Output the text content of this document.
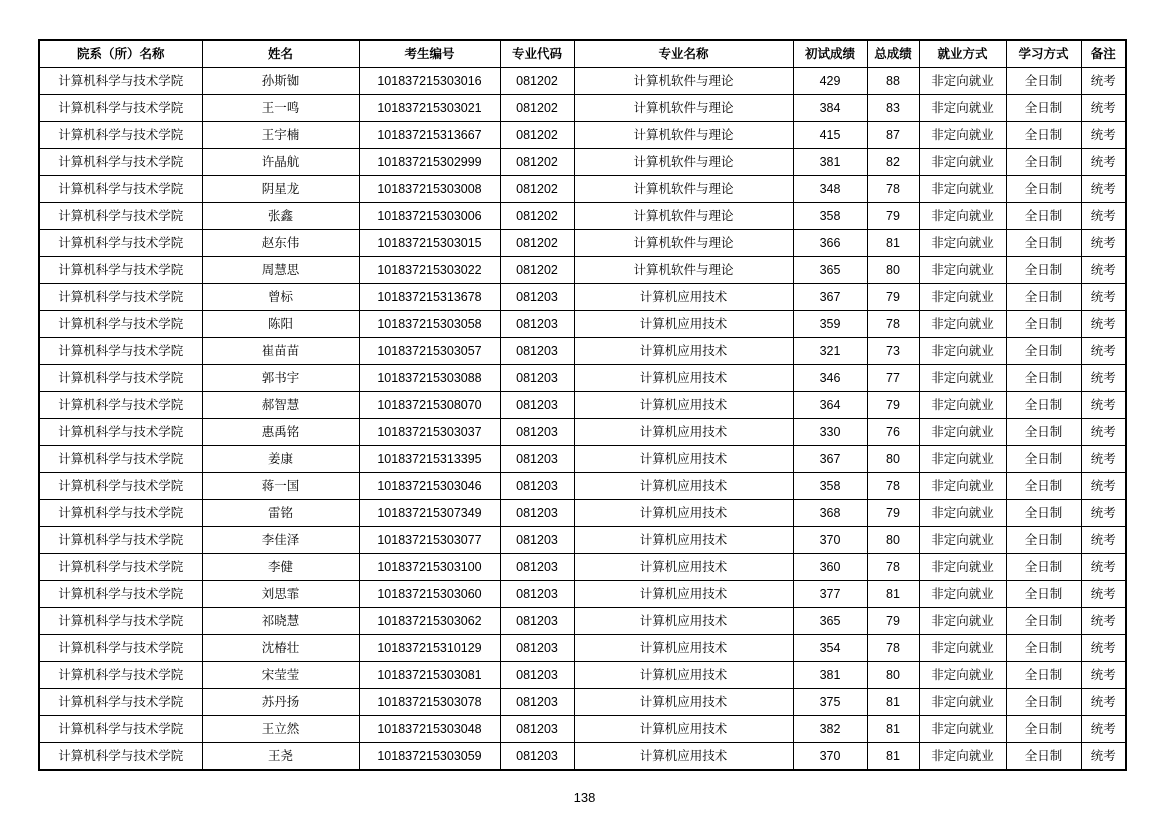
院系（所）名称	姓名	考生编号	专业代码	专业名称	初试成绩	总成绩	就业方式	学习方式	备注
计算机科学与技术学院	孙斯铷	101837215303016	081202	计算机软件与理论	429	88	非定向就业	全日制	统考
计算机科学与技术学院	王一鸣	101837215303021	081202	计算机软件与理论	384	83	非定向就业	全日制	统考
计算机科学与技术学院	王宇楠	101837215313667	081202	计算机软件与理论	415	87	非定向就业	全日制	统考
计算机科学与技术学院	许晶航	101837215302999	081202	计算机软件与理论	381	82	非定向就业	全日制	统考
计算机科学与技术学院	阴星龙	101837215303008	081202	计算机软件与理论	348	78	非定向就业	全日制	统考
计算机科学与技术学院	张鑫	101837215303006	081202	计算机软件与理论	358	79	非定向就业	全日制	统考
计算机科学与技术学院	赵东伟	101837215303015	081202	计算机软件与理论	366	81	非定向就业	全日制	统考
计算机科学与技术学院	周慧思	101837215303022	081202	计算机软件与理论	365	80	非定向就业	全日制	统考
计算机科学与技术学院	曾标	101837215313678	081203	计算机应用技术	367	79	非定向就业	全日制	统考
计算机科学与技术学院	陈阳	101837215303058	081203	计算机应用技术	359	78	非定向就业	全日制	统考
计算机科学与技术学院	崔苗苗	101837215303057	081203	计算机应用技术	321	73	非定向就业	全日制	统考
计算机科学与技术学院	郭书宇	101837215303088	081203	计算机应用技术	346	77	非定向就业	全日制	统考
计算机科学与技术学院	郝智慧	101837215308070	081203	计算机应用技术	364	79	非定向就业	全日制	统考
计算机科学与技术学院	惠禹铭	101837215303037	081203	计算机应用技术	330	76	非定向就业	全日制	统考
计算机科学与技术学院	姜康	101837215313395	081203	计算机应用技术	367	80	非定向就业	全日制	统考
计算机科学与技术学院	蒋一国	101837215303046	081203	计算机应用技术	358	78	非定向就业	全日制	统考
计算机科学与技术学院	雷铭	101837215307349	081203	计算机应用技术	368	79	非定向就业	全日制	统考
计算机科学与技术学院	李佳泽	101837215303077	081203	计算机应用技术	370	80	非定向就业	全日制	统考
计算机科学与技术学院	李健	101837215303100	081203	计算机应用技术	360	78	非定向就业	全日制	统考
计算机科学与技术学院	刘思霏	101837215303060	081203	计算机应用技术	377	81	非定向就业	全日制	统考
计算机科学与技术学院	祁晓慧	101837215303062	081203	计算机应用技术	365	79	非定向就业	全日制	统考
计算机科学与技术学院	沈椿壮	101837215310129	081203	计算机应用技术	354	78	非定向就业	全日制	统考
计算机科学与技术学院	宋莹莹	101837215303081	081203	计算机应用技术	381	80	非定向就业	全日制	统考
计算机科学与技术学院	苏丹扬	101837215303078	081203	计算机应用技术	375	81	非定向就业	全日制	统考
计算机科学与技术学院	王立然	101837215303048	081203	计算机应用技术	382	81	非定向就业	全日制	统考
计算机科学与技术学院	王尧	101837215303059	081203	计算机应用技术	370	81	非定向就业	全日制	统考
138
